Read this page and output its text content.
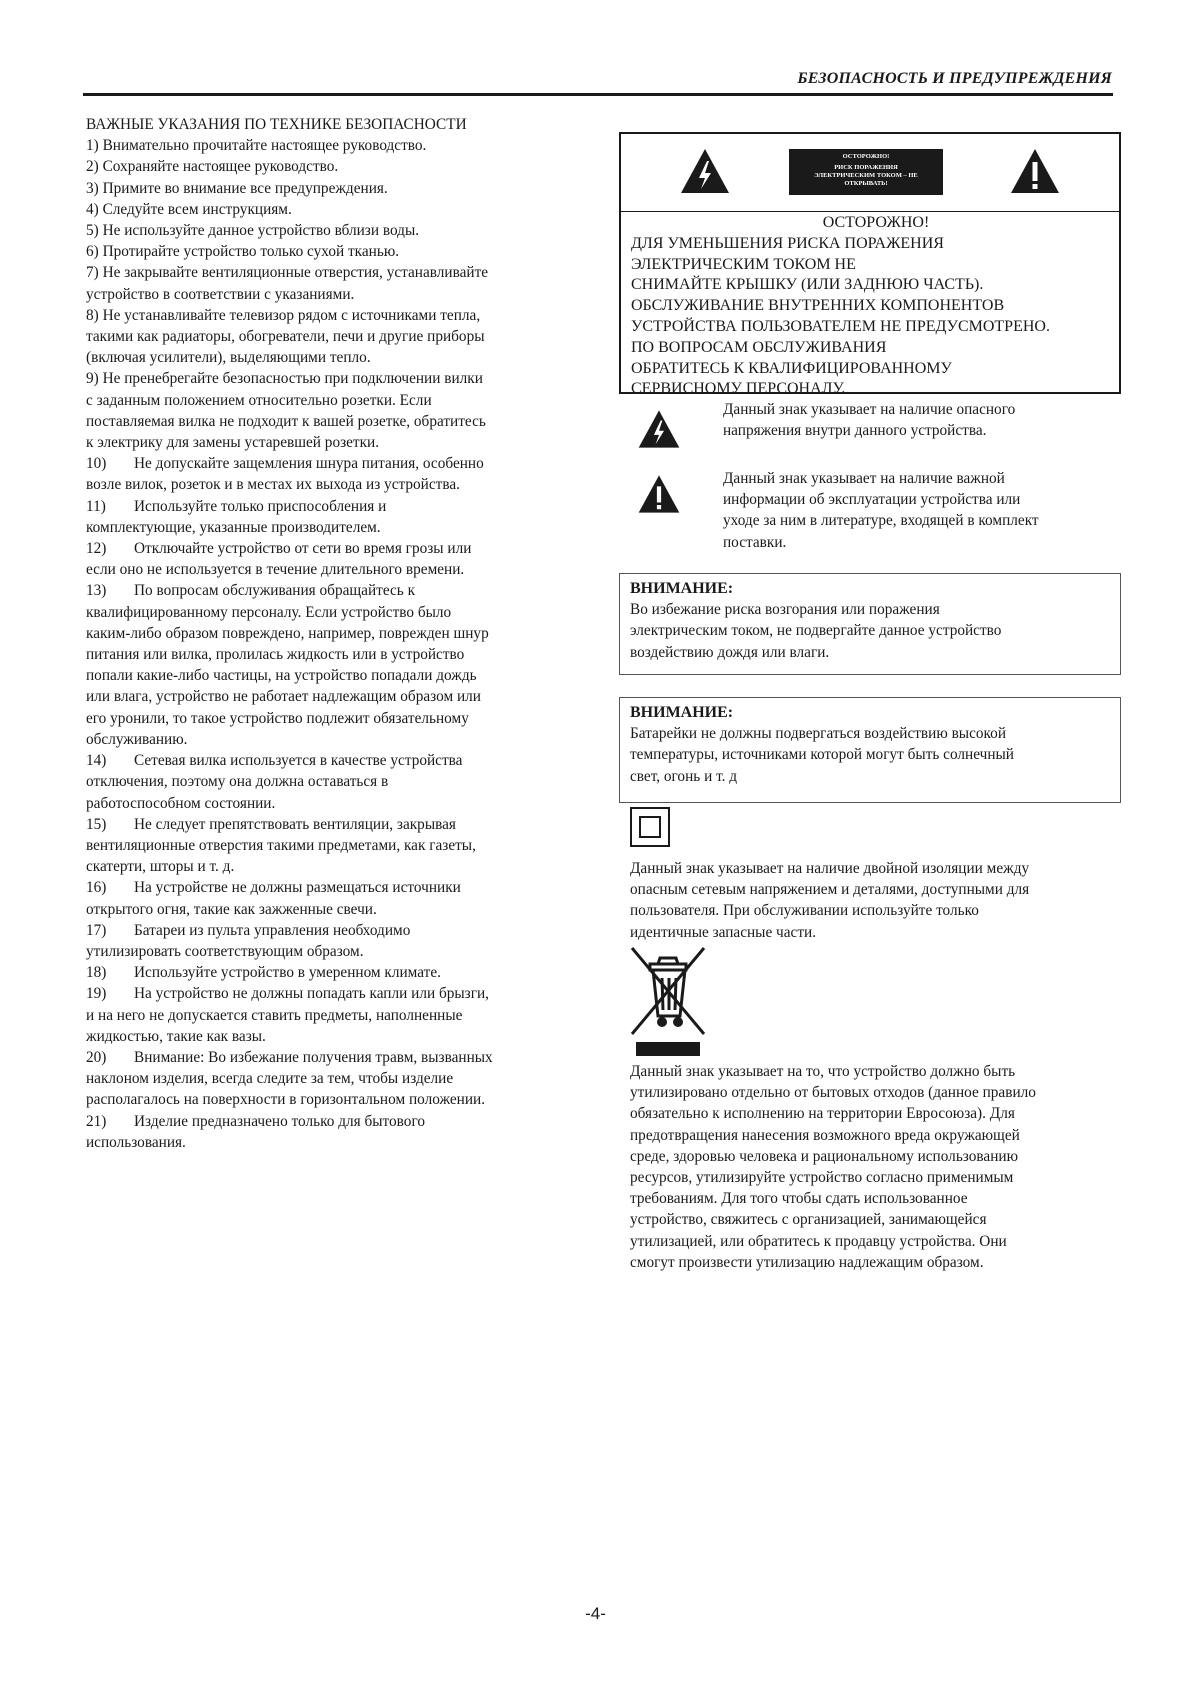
БЕЗОПАСНОСТЬ И ПРЕДУПРЕЖДЕНИЯ

ВАЖНЫЕ УКАЗАНИЯ ПО ТЕХНИКЕ БЕЗОПАСНОСТИ

1) Внимательно прочитайте настоящее руководство.

2) Сохраняйте настоящее руководство.

3) Примите во внимание все предупреждения.

4) Следуйте всем инструкциям.

5) Не используйте данное устройство вблизи воды.

6) Протирайте устройство только сухой тканью.

7) Не закрывайте вентиляционные отверстия, устанавливайте

устройство в соответствии с указаниями.

8) Не устанавливайте телевизор рядом с источниками тепла,

такими как радиаторы, обогреватели, печи и другие приборы

(включая усилители), выделяющими тепло.

9) Не пренебрегайте безопасностью при подключении вилки

с заданным положением относительно розетки. Если

поставляемая вилка не подходит к вашей розетке, обратитесь

к электрику для замены устаревшей розетки.

10) Не допускайте защемления шнура питания, особенно

возле вилок, розеток и в местах их выхода из устройства.

11) Используйте только приспособления и

комплектующие, указанные производителем.

12) Отключайте устройство от сети во время грозы или

если оно не используется в течение длительного времени.

13) По вопросам обслуживания обращайтесь к

квалифицированному персоналу. Если устройство было

каким-либо образом повреждено, например, поврежден шнур

питания или вилка, пролилась жидкость или в устройство

попали какие-либо частицы, на устройство попадали дождь

или влага, устройство не работает надлежащим образом или

его уронили, то такое устройство подлежит обязательному

обслуживанию.

14) Сетевая вилка используется в качестве устройства

отключения, поэтому она должна оставаться в

работоспособном состоянии.

15) Не следует препятствовать вентиляции, закрывая

вентиляционные отверстия такими предметами, как газеты,

скатерти, шторы и т. д.

16) На устройстве не должны размещаться источники

открытого огня, такие как зажженные свечи.

17) Батареи из пульта управления необходимо

утилизировать соответствующим образом.

18) Используйте устройство в умеренном климате.

19) На устройство не должны попадать капли или брызги,

и на него не допускается ставить предметы, наполненные

жидкостью, такие как вазы.

20) Внимание: Во избежание получения травм, вызванных

наклоном изделия, всегда следите за тем, чтобы изделие

располагалось на поверхности в горизонтальном положении.

21) Изделие предназначено только для бытового

использования.

ОСТОРОЖНО!
РИСК ПОРАЖЕНИЯ
ЭЛЕКТРИЧЕСКИМ ТОКОМ – НЕ
ОТКРЫВАТЬ!
ОСТОРОЖНО!
ДЛЯ УМЕНЬШЕНИЯ РИСКА ПОРАЖЕНИЯ
ЭЛЕКТРИЧЕСКИМ ТОКОМ НЕ
СНИМАЙТЕ КРЫШКУ (ИЛИ ЗАДНЮЮ ЧАСТЬ).
ОБСЛУЖИВАНИЕ ВНУТРЕННИХ КОМПОНЕНТОВ
УСТРОЙСТВА ПОЛЬЗОВАТЕЛЕМ НЕ ПРЕДУСМОТРЕНО.
ПО ВОПРОСАМ ОБСЛУЖИВАНИЯ
ОБРАТИТЕСЬ К КВАЛИФИЦИРОВАННОМУ
СЕРВИСНОМУ ПЕРСОНАЛУ.
Данный знак указывает на наличие опасного
напряжения внутри данного устройства.
Данный знак указывает на наличие важной
информации об эксплуатации устройства или
уходе за ним в литературе, входящей в комплект
поставки.
ВНИМАНИЕ:
Во избежание риска возгорания или поражения
электрическим током, не подвергайте данное устройство
воздействию дождя или влаги.
ВНИМАНИЕ:
Батарейки не должны подвергаться воздействию высокой
температуры, источниками которой могут быть солнечный
свет, огонь и т. д
Данный знак указывает на наличие двойной изоляции между
опасным сетевым напряжением и деталями, доступными для
пользователя. При обслуживании используйте только
идентичные запасные части.
Данный знак указывает на то, что устройство должно быть
утилизировано отдельно от бытовых отходов (данное правило
обязательно к исполнению на территории Евросоюза). Для
предотвращения нанесения возможного вреда окружающей
среде, здоровью человека и рациональному использованию
ресурсов, утилизируйте устройство согласно применимым
требованиям. Для того чтобы сдать использованное
устройство, свяжитесь с организацией, занимающейся
утилизацией, или обратитесь к продавцу устройства. Они
смогут произвести утилизацию надлежащим образом.
-4-
